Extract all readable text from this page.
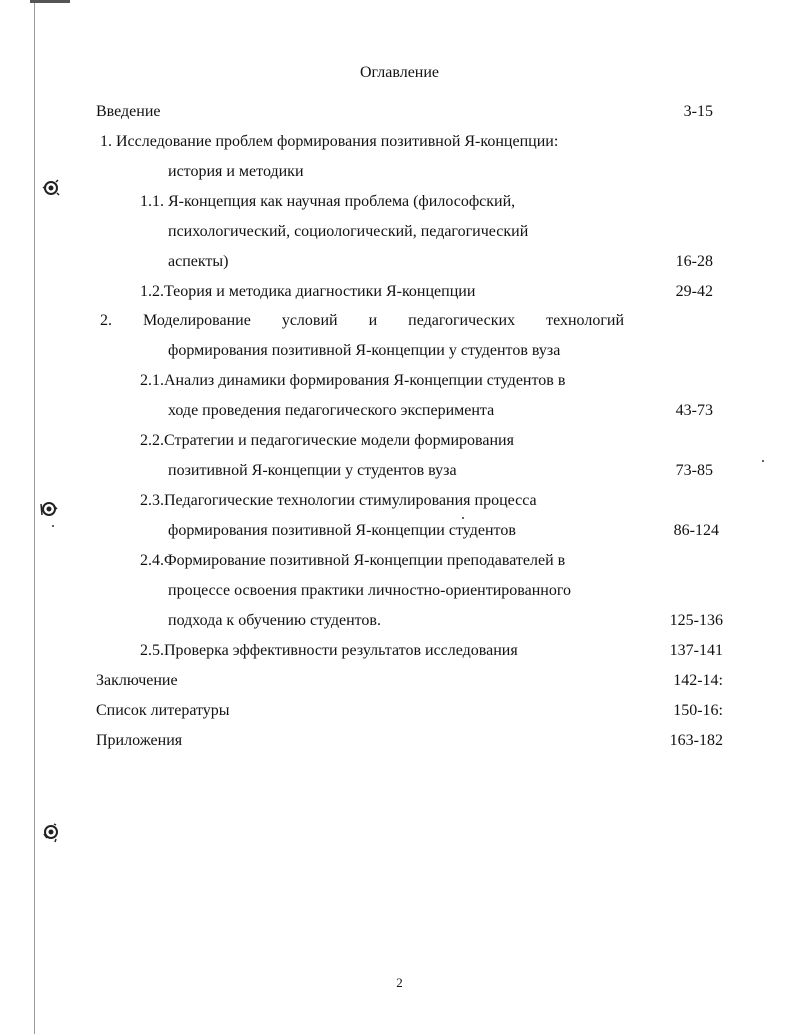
Оглавление
Введение	3-15
1. Исследование проблем формирования позитивной Я-концепции:
история и методики
1.1. Я-концепция как научная проблема (философский,
психологический, социологический, педагогический
аспекты)	16-28
1.2.Теория и методика диагностики Я-концепции	29-42
2. Моделирование условий и педагогических технологий
формирования позитивной Я-концепции у студентов вуза
2.1.Анализ динамики формирования Я-концепции студентов в
ходе проведения педагогического эксперимента	43-73
2.2.Стратегии и педагогические модели формирования
позитивной Я-концепции у студентов вуза	73-85
2.3.Педагогические технологии стимулирования процесса
формирования позитивной Я-концепции студентов	86-124
2.4.Формирование позитивной Я-концепции преподавателей в
процессе освоения практики личностно-ориентированного
подхода к обучению студентов.	125-136
2.5.Проверка эффективности результатов исследования	137-141
Заключение	142-14:
Список литературы	150-16:
Приложения	163-182
2
